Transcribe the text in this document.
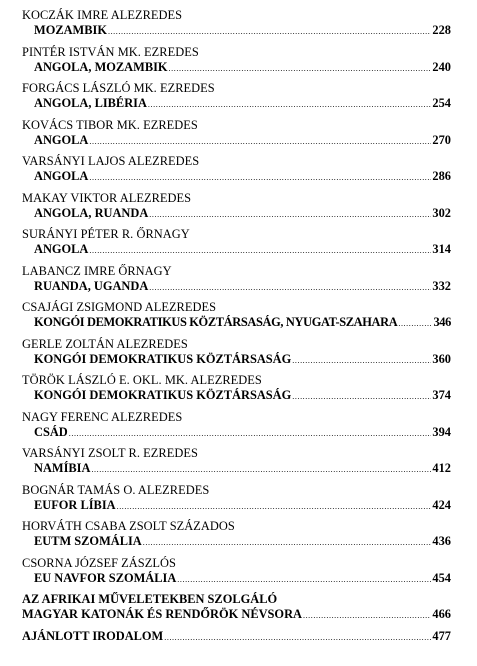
KOCZÁK IMRE ALEZREDES
MOZAMBIK .....	228
PINTÉR ISTVÁN MK. EZREDES
ANGOLA, MOZAMBIK .....	240
FORGÁCS LÁSZLÓ MK. EZREDES
ANGOLA, LIBÉRIA .....	254
KOVÁCS TIBOR MK. EZREDES
ANGOLA .....	270
VARSÁNYI LAJOS ALEZREDES
ANGOLA .....	286
MAKAY VIKTOR ALEZREDES
ANGOLA, RUANDA .....	302
SURÁNYI PÉTER R. ŐRNAGY
ANGOLA .....	314
LABANCZ IMRE ŐRNAGY
RUANDA, UGANDA .....	332
CSAJÁGI ZSIGMOND ALEZREDES
KONGÓI DEMOKRATIKUS KÖZTÁRSASÁG, NYUGAT-SZAHARA .....	346
GERLE ZOLTÁN ALEZREDES
KONGÓI DEMOKRATIKUS KÖZTÁRSASÁG .....	360
TÖRÖK LÁSZLÓ E. OKL. MK. ALEZREDES
KONGÓI DEMOKRATIKUS KÖZTÁRSASÁG .....	374
NAGY FERENC ALEZREDES
CSÁD .....	394
VARSÁNYI ZSOLT R. EZREDES
NAMÍBIA .....	412
BOGNÁR TAMÁS O. ALEZREDES
EUFOR LÍBIA .....	424
HORVÁTH CSABA ZSOLT SZÁZADOS
EUTM SZOMÁLIA .....	436
CSORNA JÓZSEF ZÁSZLÓS
EU NAVFOR SZOMÁLIA .....	454
AZ AFRIKAI MŰVELETEKBEN SZOLGÁLÓ
MAGYAR KATONÁK ÉS RENDŐRÖK NÉVSORA .....	466
AJÁNLOTT IRODALOM .....	477
